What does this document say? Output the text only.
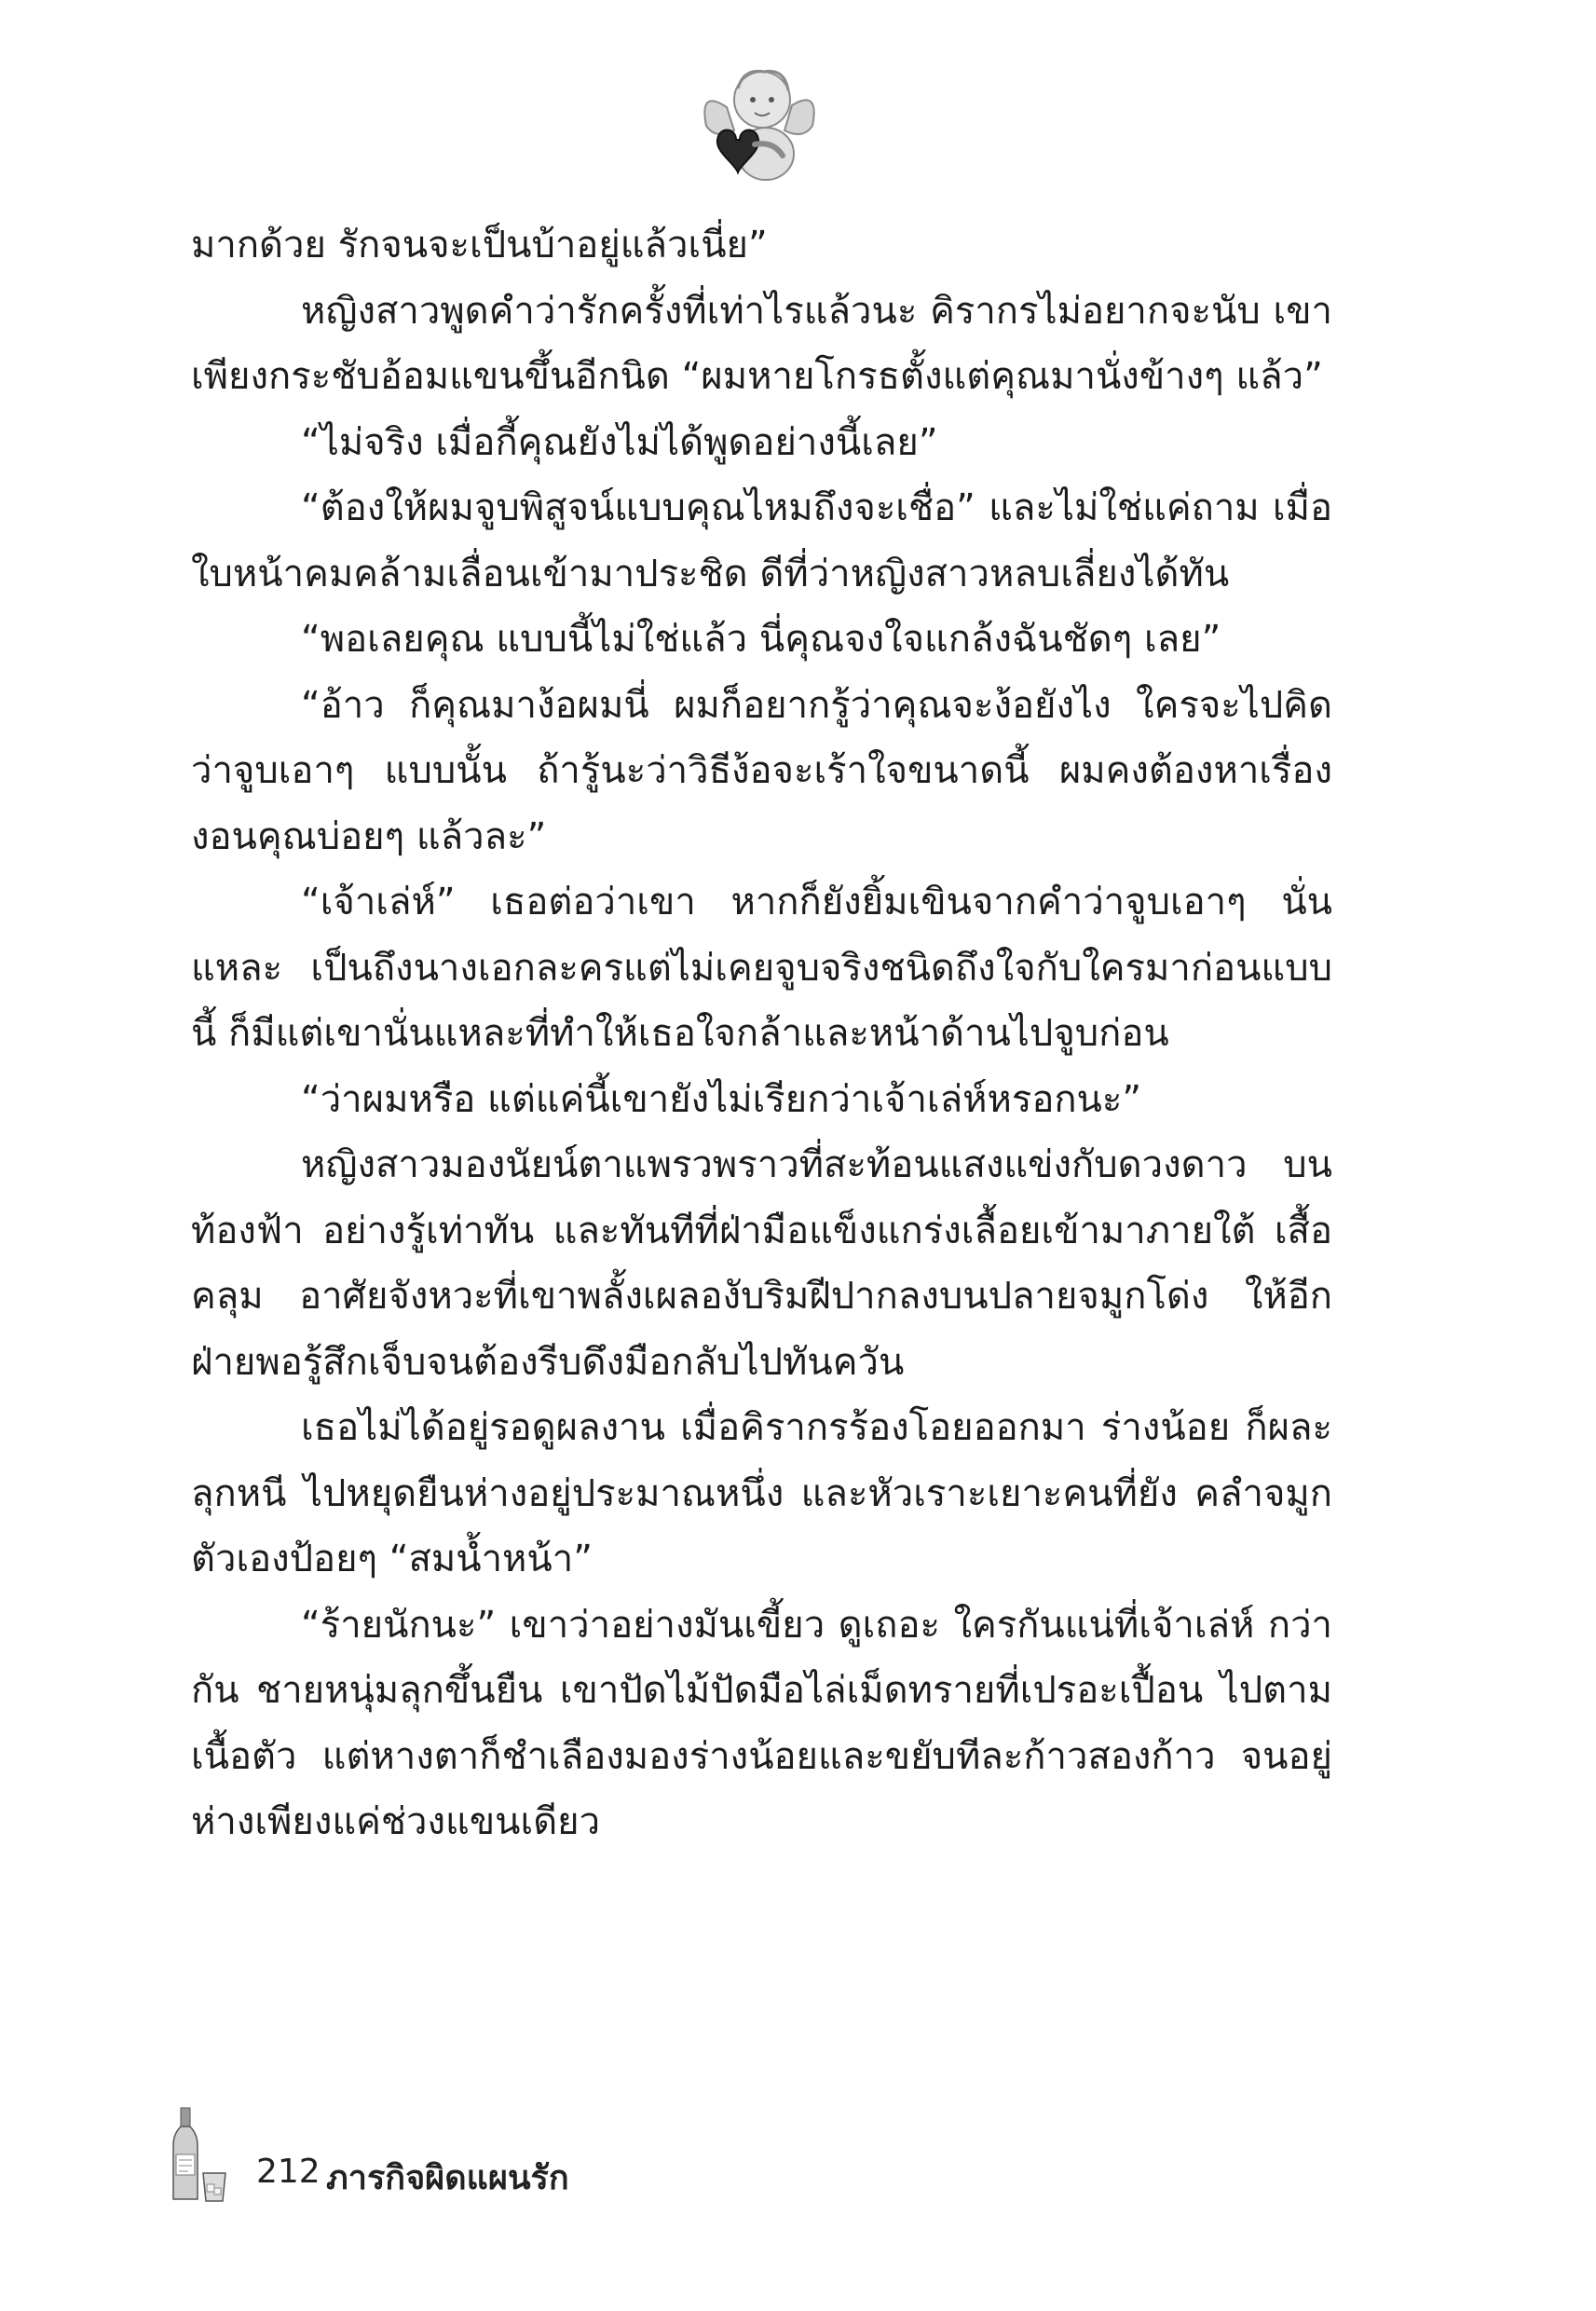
มากด้วย รักจนจะเป็นบ้าอยู่แล้วเนี่ย”

หญิงสาวพูดคำว่ารักครั้งที่เท่าไรแล้วนะ คิรากรไม่อยากจะนับ เขาเพียงกระชับอ้อมแขนขึ้นอีกนิด “ผมหายโกรธตั้งแต่คุณมานั่งข้างๆ แล้ว”

“ไม่จริง เมื่อกี้คุณยังไม่ได้พูดอย่างนี้เลย”

“ต้องให้ผมจูบพิสูจน์แบบคุณไหมถึงจะเชื่อ” และไม่ใช่แค่ถาม เมื่อใบหน้าคมคล้ามเลื่อนเข้ามาประชิด ดีที่ว่าหญิงสาวหลบเลี่ยงได้ทัน

“พอเลยคุณ แบบนี้ไม่ใช่แล้ว นี่คุณจงใจแกล้งฉันชัดๆ เลย”

“อ้าว ก็คุณมาง้อผมนี่ ผมก็อยากรู้ว่าคุณจะง้อยังไง ใครจะไปคิด ว่าจูบเอาๆ แบบนั้น ถ้ารู้นะว่าวิธีง้อจะเร้าใจขนาดนี้ ผมคงต้องหาเรื่อง งอนคุณบ่อยๆ แล้วละ”

“เจ้าเล่ห์” เธอต่อว่าเขา หากก็ยังยิ้มเขินจากคำว่าจูบเอาๆ นั่นแหละ เป็นถึงนางเอกละครแต่ไม่เคยจูบจริงชนิดถึงใจกับใครมาก่อนแบบนี้ ก็มีแต่เขานั่นแหละที่ทำให้เธอใจกล้าและหน้าด้านไปจูบก่อน

“ว่าผมหรือ แต่แค่นี้เขายังไม่เรียกว่าเจ้าเล่ห์หรอกนะ”

หญิงสาวมองนัยน์ตาแพรวพราวที่สะท้อนแสงแข่งกับดวงดาว บนท้องฟ้า อย่างรู้เท่าทัน และทันทีที่ฝ่ามือแข็งแกร่งเลื้อยเข้ามาภายใต้ เสื้อคลุม อาศัยจังหวะที่เขาพลั้งเผลองับริมฝีปากลงบนปลายจมูกโด่ง ให้อีกฝ่ายพอรู้สึกเจ็บจนต้องรีบดึงมือกลับไปทันควัน

เธอไม่ได้อยู่รอดูผลงาน เมื่อคิรากรร้องโอยออกมา ร่างน้อย ก็ผละลุกหนี ไปหยุดยืนห่างอยู่ประมาณหนึ่ง และหัวเราะเยาะคนที่ยัง คลำจมูกตัวเองป้อยๆ “สมน้ำหน้า”

“ร้ายนักนะ” เขาว่าอย่างมันเขี้ยว ดูเถอะ ใครกันแน่ที่เจ้าเล่ห์ กว่ากัน ชายหนุ่มลุกขึ้นยืน เขาปัดไม้ปัดมือไล่เม็ดทรายที่เปรอะเปื้อน ไปตามเนื้อตัว แต่หางตาก็ชำเลืองมองร่างน้อยและขยับทีละก้าวสองก้าว จนอยู่ห่างเพียงแค่ช่วงแขนเดียว

212 ภารกิจผิดแผนรัก
